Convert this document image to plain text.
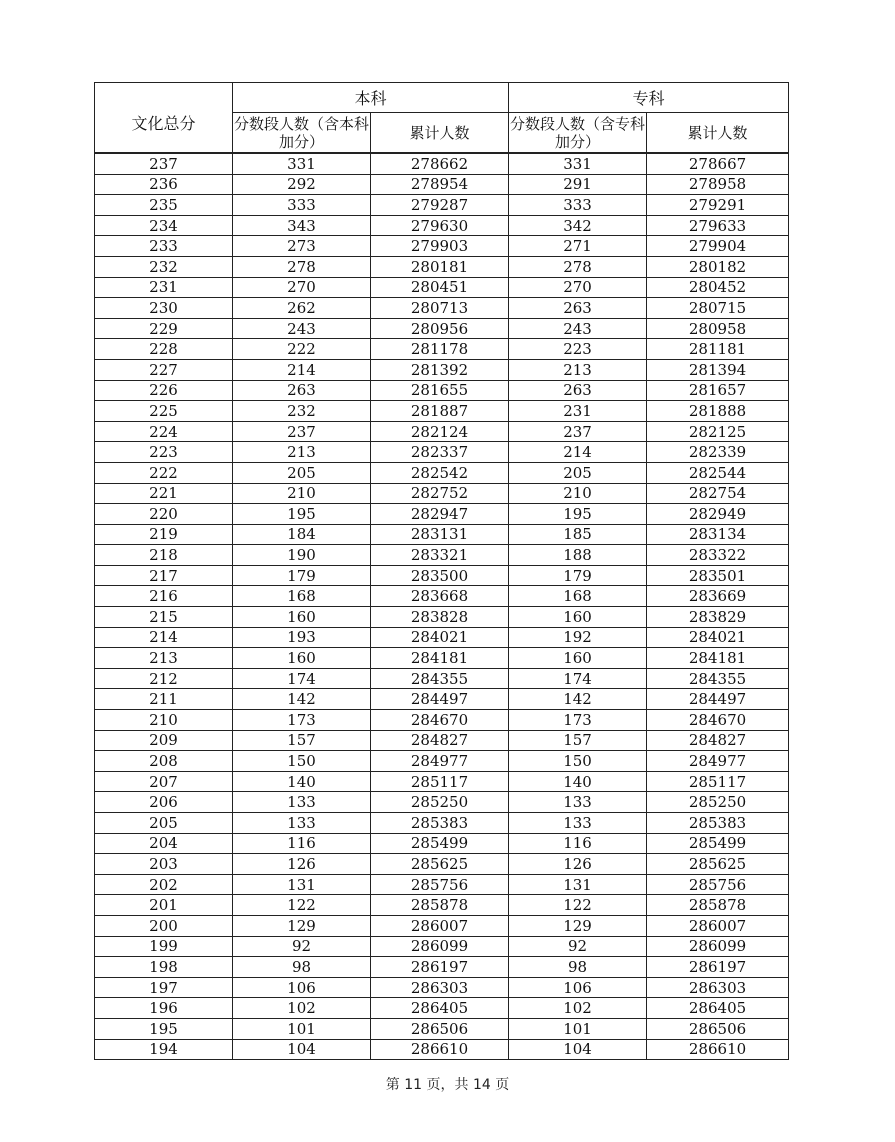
文化总分	本科		专科	
	分数段人数（含本科加分）	累计人数	分数段人数（含专科加分）	累计人数
237	331	278662	331	278667
236	292	278954	291	278958
235	333	279287	333	279291
234	343	279630	342	279633
233	273	279903	271	279904
232	278	280181	278	280182
231	270	280451	270	280452
230	262	280713	263	280715
229	243	280956	243	280958
228	222	281178	223	281181
227	214	281392	213	281394
226	263	281655	263	281657
225	232	281887	231	281888
224	237	282124	237	282125
223	213	282337	214	282339
222	205	282542	205	282544
221	210	282752	210	282754
220	195	282947	195	282949
219	184	283131	185	283134
218	190	283321	188	283322
217	179	283500	179	283501
216	168	283668	168	283669
215	160	283828	160	283829
214	193	284021	192	284021
213	160	284181	160	284181
212	174	284355	174	284355
211	142	284497	142	284497
210	173	284670	173	284670
209	157	284827	157	284827
208	150	284977	150	284977
207	140	285117	140	285117
206	133	285250	133	285250
205	133	285383	133	285383
204	116	285499	116	285499
203	126	285625	126	285625
202	131	285756	131	285756
201	122	285878	122	285878
200	129	286007	129	286007
199	92	286099	92	286099
198	98	286197	98	286197
197	106	286303	106	286303
196	102	286405	102	286405
195	101	286506	101	286506
194	104	286610	104	286610
第 11 页，共 14 页
